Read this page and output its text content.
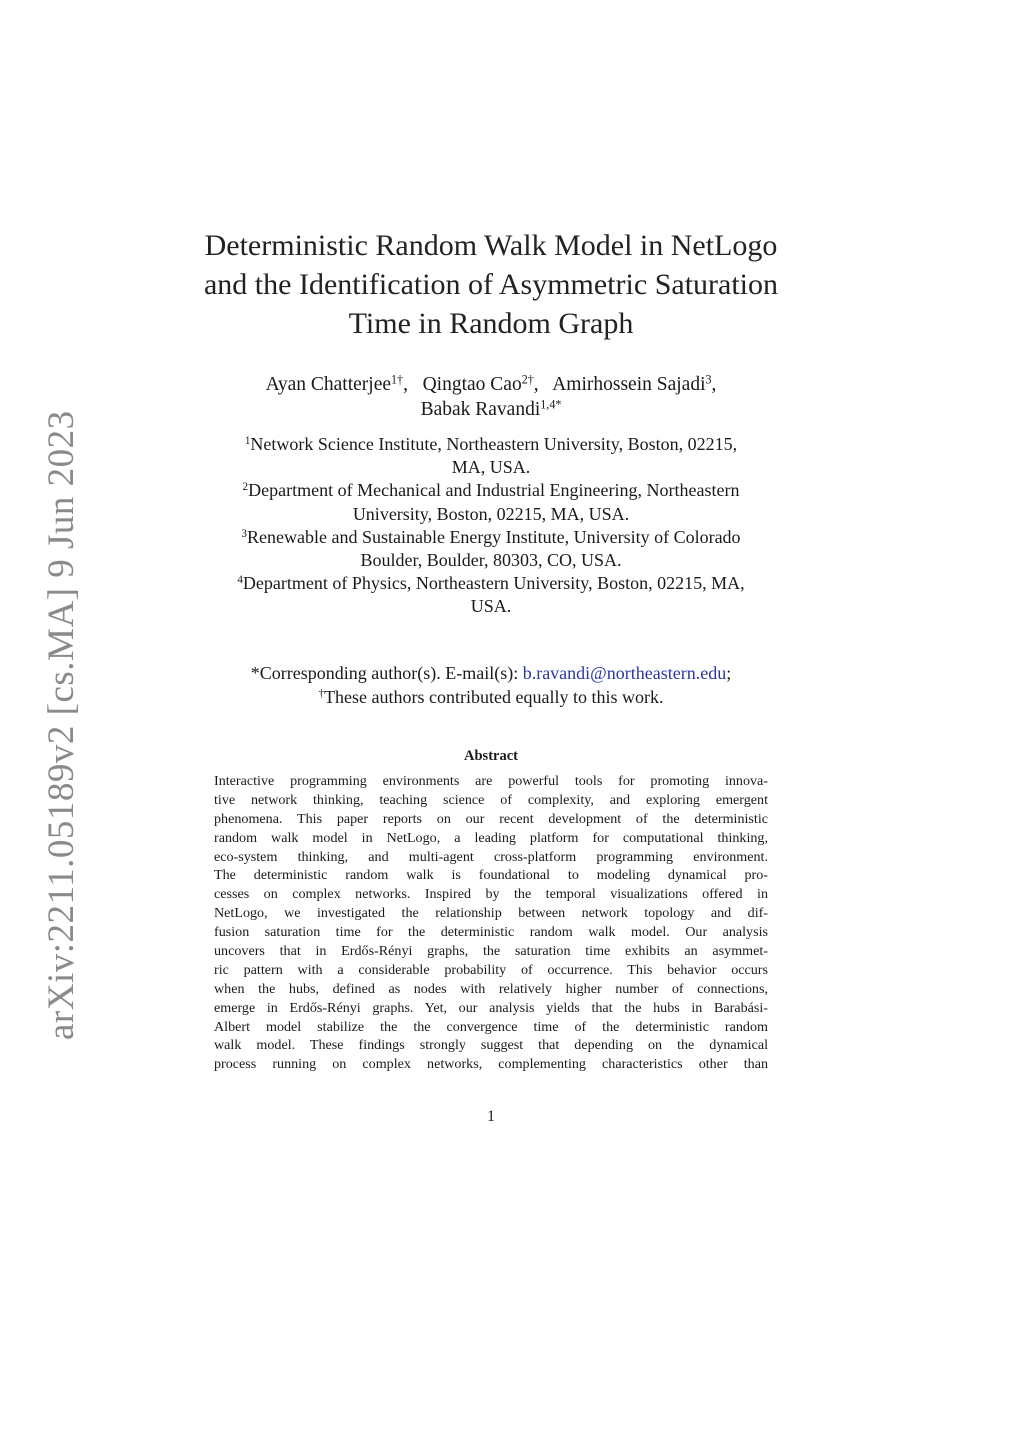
arXiv:2211.05189v2 [cs.MA] 9 Jun 2023
Deterministic Random Walk Model in NetLogo
and the Identification of Asymmetric Saturation
Time in Random Graph
Ayan Chatterjee$^{1\dagger}$,   Qingtao Cao$^{2\dagger}$,   Amirhossein Sajadi$^3$,
Babak Ravandi$^{1,4*}$
$^1$Network Science Institute, Northeastern University, Boston, 02215,
MA, USA.
$^2$Department of Mechanical and Industrial Engineering, Northeastern
University, Boston, 02215, MA, USA.
$^3$Renewable and Sustainable Energy Institute, University of Colorado
Boulder, Boulder, 80303, CO, USA.
$^4$Department of Physics, Northeastern University, Boston, 02215, MA,
USA.
*Corresponding author(s). E-mail(s): b.ravandi@northeastern.edu;
†These authors contributed equally to this work.
Abstract
Interactive programming environments are powerful tools for promoting innova-
tive network thinking, teaching science of complexity, and exploring emergent
phenomena. This paper reports on our recent development of the deterministic
random walk model in NetLogo, a leading platform for computational thinking,
eco-system thinking, and multi-agent cross-platform programming environment.
The deterministic random walk is foundational to modeling dynamical pro-
cesses on complex networks. Inspired by the temporal visualizations offered in
NetLogo, we investigated the relationship between network topology and dif-
fusion saturation time for the deterministic random walk model. Our analysis
uncovers that in Erdős-Rényi graphs, the saturation time exhibits an asymmet-
ric pattern with a considerable probability of occurrence. This behavior occurs
when the hubs, defined as nodes with relatively higher number of connections,
emerge in Erdős-Rényi graphs. Yet, our analysis yields that the hubs in Barabási-
Albert model stabilize the the convergence time of the deterministic random
walk model. These findings strongly suggest that depending on the dynamical
process running on complex networks, complementing characteristics other than
1
